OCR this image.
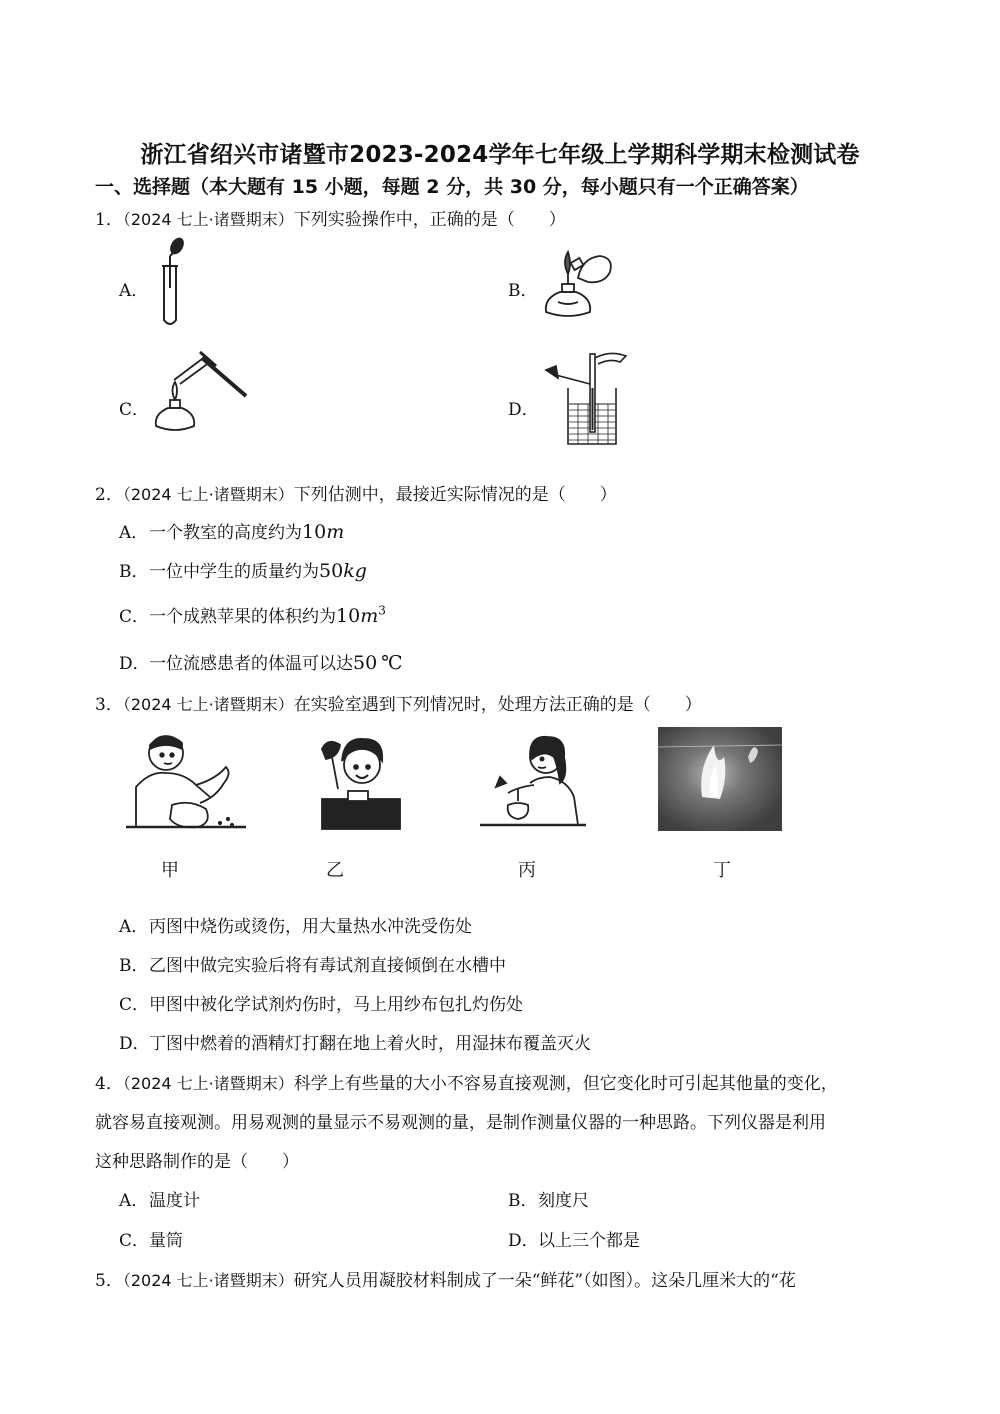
浙江省绍兴市诸暨市2023-2024学年七年级上学期科学期末检测试卷
一、选择题（本大题有 15 小题，每题 2 分，共 30 分，每小题只有一个正确答案）
1．（2024 七上·诸暨期末）下列实验操作中，正确的是（　　）
A．	B．
C．	D．
2．（2024 七上·诸暨期末）下列估测中，最接近实际情况的是（　　）
A．一个教室的高度约为10m
B．一位中学生的质量约为50kg
C．一个成熟苹果的体积约为$10m^3$
D．一位流感患者的体温可以达50 ℃
3．（2024 七上·诸暨期末）在实验室遇到下列情况时，处理方法正确的是（　　）
甲	乙	丙	丁
A．丙图中烧伤或烫伤，用大量热水冲洗受伤处
B．乙图中做完实验后将有毒试剂直接倾倒在水槽中
C．甲图中被化学试剂灼伤时，马上用纱布包扎灼伤处
D．丁图中燃着的酒精灯打翻在地上着火时，用湿抹布覆盖灭火
4．（2024 七上·诸暨期末）科学上有些量的大小不容易直接观测，但它变化时可引起其他量的变化，
就容易直接观测。用易观测的量显示不易观测的量，是制作测量仪器的一种思路。下列仪器是利用
这种思路制作的是（　　）
A．温度计	B．刻度尺
C．量筒	D．以上三个都是
5．（2024 七上·诸暨期末）研究人员用凝胶材料制成了一朵“鲜花”（如图）。这朵几厘米大的“花
